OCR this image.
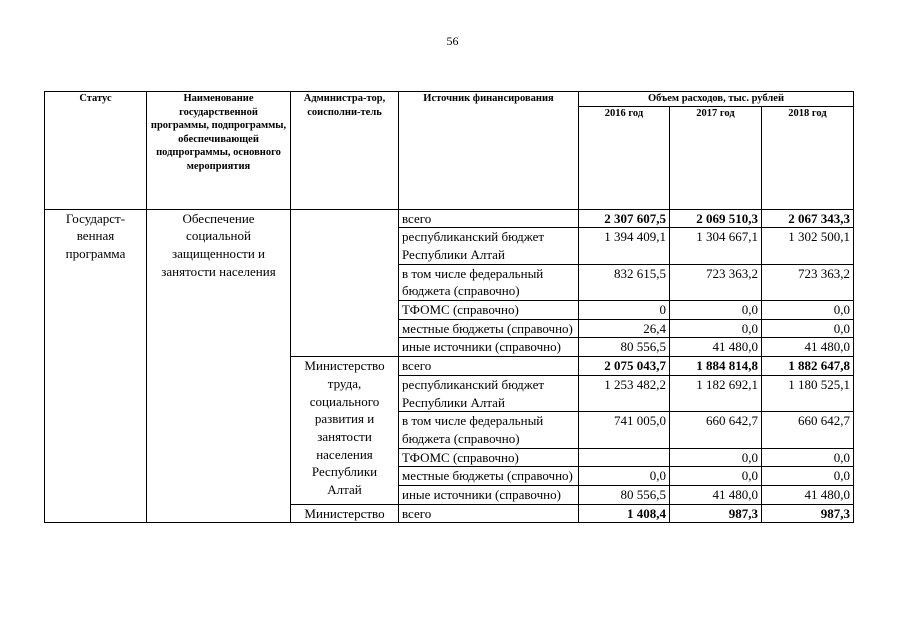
56
Статус	Наименование государственной программы, подпрограммы, обеспечивающей подпрограммы, основного мероприятия	Администра-тор, соисполни-тель	Источник финансирования	Объем расходов, тыс. рублей		
				2016 год	2017 год	2018 год
Государст-венная программа	Обеспечение социальной защищенности и занятости населения		всего	2 307 607,5	2 069 510,3	2 067 343,3
			республиканский бюджет Республики Алтай	1 394 409,1	1 304 667,1	1 302 500,1
			в том числе федеральный бюджета (справочно)	832 615,5	723 363,2	723 363,2
			ТФОМС (справочно)	0	0,0	0,0
			местные бюджеты (справочно)	26,4	0,0	0,0
			иные источники (справочно)	80 556,5	41 480,0	41 480,0
		Министерство труда, социального развития и занятости населения Республики Алтай	всего	2 075 043,7	1 884 814,8	1 882 647,8
			республиканский бюджет Республики Алтай	1 253 482,2	1 182 692,1	1 180 525,1
			в том числе федеральный бюджета (справочно)	741 005,0	660 642,7	660 642,7
			ТФОМС (справочно)		0,0	0,0
			местные бюджеты (справочно)	0,0	0,0	0,0
			иные источники (справочно)	80 556,5	41 480,0	41 480,0
		Министерство	всего	1 408,4	987,3	987,3
